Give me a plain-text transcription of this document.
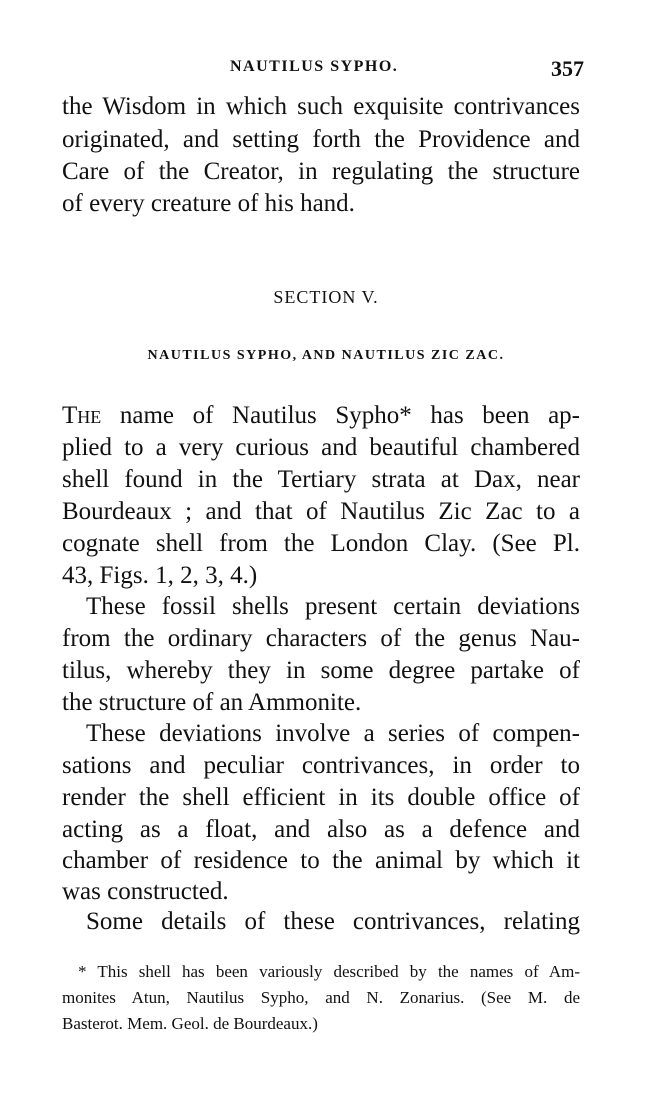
NAUTILUS SYPHO.	357
the Wisdom in which such exquisite contrivances
originated, and setting forth the Providence and
Care of the Creator, in regulating the structure
of every creature of his hand.
SECTION V.
NAUTILUS SYPHO, AND NAUTILUS ZIC ZAC.
The name of Nautilus Sypho* has been ap-
plied to a very curious and beautiful chambered
shell found in the Tertiary strata at Dax, near
Bourdeaux ; and that of Nautilus Zic Zac to a
cognate shell from the London Clay. (See Pl.
43, Figs. 1, 2, 3, 4.)
These fossil shells present certain deviations
from the ordinary characters of the genus Nau-
tilus, whereby they in some degree partake of
the structure of an Ammonite.
These deviations involve a series of compen-
sations and peculiar contrivances, in order to
render the shell efficient in its double office of
acting as a float, and also as a defence and
chamber of residence to the animal by which it
was constructed.
Some details of these contrivances, relating
* This shell has been variously described by the names of Am-
monites Atun, Nautilus Sypho, and N. Zonarius. (See M. de
Basterot. Mem. Geol. de Bourdeaux.)
